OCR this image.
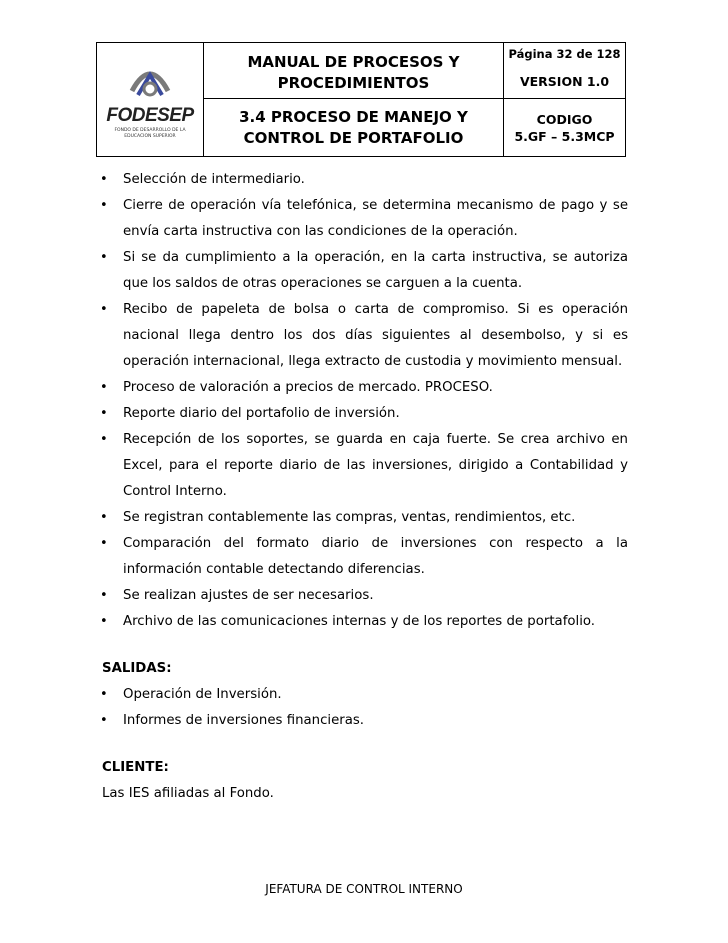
FODESEP
FONDO DE DESARROLLO DE LA
EDUCACION SUPERIOR
MANUAL DE PROCESOS Y
PROCEDIMIENTOS
3.4 PROCESO DE MANEJO Y
CONTROL DE PORTAFOLIO
Página 32 de 128
VERSION 1.0
CODIGO
5.GF – 5.3MCP
• Selección de intermediario.
• Cierre de operación vía telefónica, se determina mecanismo de pago y se envía carta instructiva con las condiciones de la operación.
• Si se da cumplimiento a la operación, en la carta instructiva, se autoriza que los saldos de otras operaciones se carguen a la cuenta.
• Recibo de papeleta de bolsa o carta de compromiso. Si es operación nacional llega dentro los dos días siguientes al desembolso, y si es operación internacional, llega extracto de custodia y movimiento mensual.
• Proceso de valoración a precios de mercado. PROCESO.
• Reporte diario del portafolio de inversión.
• Recepción de los soportes, se guarda en caja fuerte. Se crea archivo en Excel, para el reporte diario de las inversiones, dirigido a Contabilidad y Control Interno.
• Se registran contablemente las compras, ventas, rendimientos, etc.
• Comparación del formato diario de inversiones con respecto a la información contable detectando diferencias.
• Se realizan ajustes de ser necesarios.
• Archivo de las comunicaciones internas y de los reportes de portafolio.
SALIDAS:
• Operación de Inversión.
• Informes de inversiones financieras.
CLIENTE:
Las IES afiliadas al Fondo.
JEFATURA DE CONTROL INTERNO
